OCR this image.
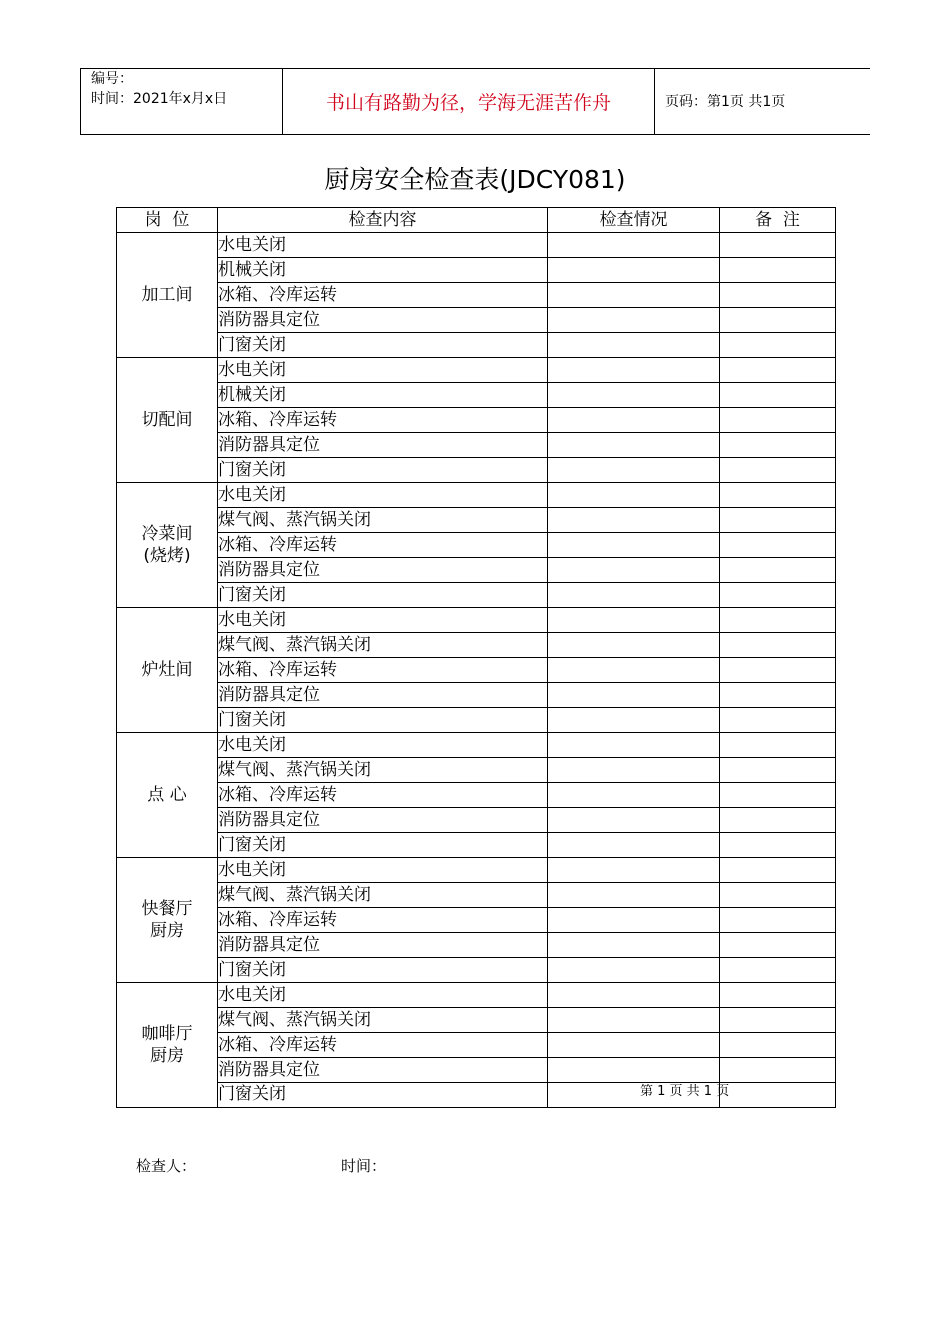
编号：
时间：2021年x月x日	书山有路勤为径，学海无涯苦作舟	页码：第1页 共1页
厨房安全检查表(JDCY081)
岗  位	检查内容	检查情况	备  注
加工间	水电关闭		
	机械关闭		
	冰箱、冷库运转		
	消防器具定位		
	门窗关闭		
切配间	水电关闭		
	机械关闭		
	冰箱、冷库运转		
	消防器具定位		
	门窗关闭		
冷菜间
(烧烤)	水电关闭		
	煤气阀、蒸汽锅关闭		
	冰箱、冷库运转		
	消防器具定位		
	门窗关闭		
炉灶间	水电关闭		
	煤气阀、蒸汽锅关闭		
	冰箱、冷库运转		
	消防器具定位		
	门窗关闭		
点 心	水电关闭		
	煤气阀、蒸汽锅关闭		
	冰箱、冷库运转		
	消防器具定位		
	门窗关闭		
快餐厅
厨房	水电关闭		
	煤气阀、蒸汽锅关闭		
	冰箱、冷库运转		
	消防器具定位		
	门窗关闭		
咖啡厅
厨房	水电关闭		
	煤气阀、蒸汽锅关闭		
	冰箱、冷库运转		
	消防器具定位		
	门窗关闭	第 1 页 共 1 页	

检查人：	时间：
